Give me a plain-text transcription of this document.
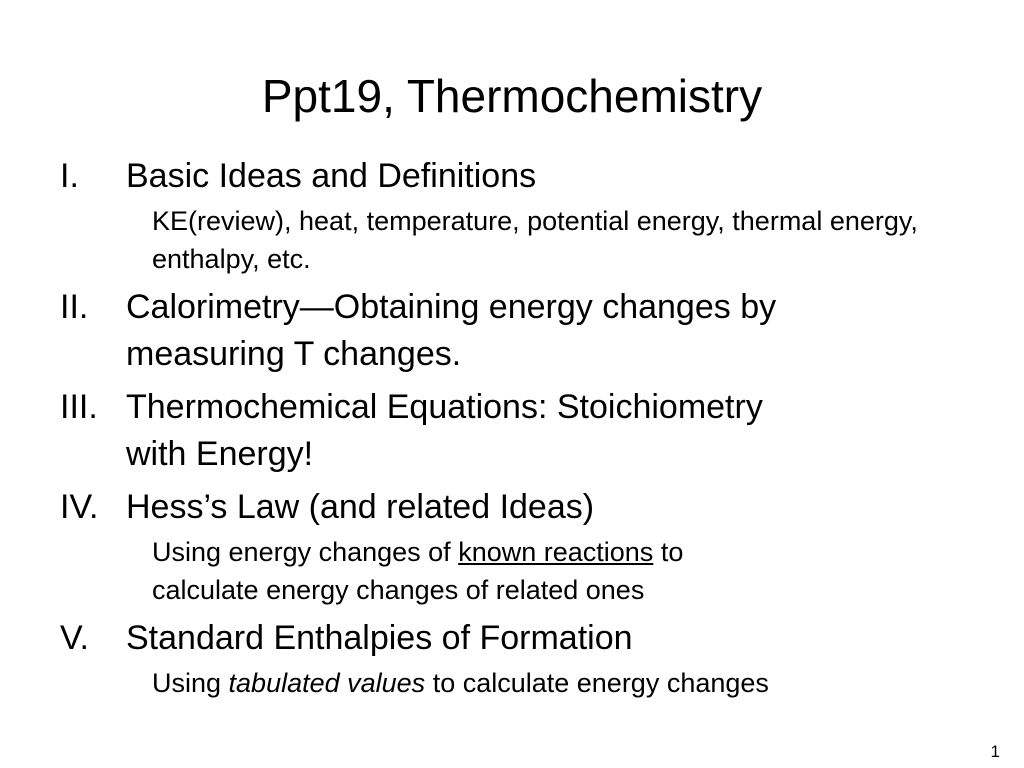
Ppt19, Thermochemistry
I. Basic Ideas and Definitions
KE(review), heat, temperature, potential energy, thermal energy, enthalpy, etc.
II. Calorimetry—Obtaining energy changes by
measuring T changes.
III. Thermochemical Equations: Stoichiometry
with Energy!
IV. Hess’s Law (and related Ideas)
Using energy changes of known reactions to
calculate energy changes of related ones
V. Standard Enthalpies of Formation
Using tabulated values to calculate energy changes
1
